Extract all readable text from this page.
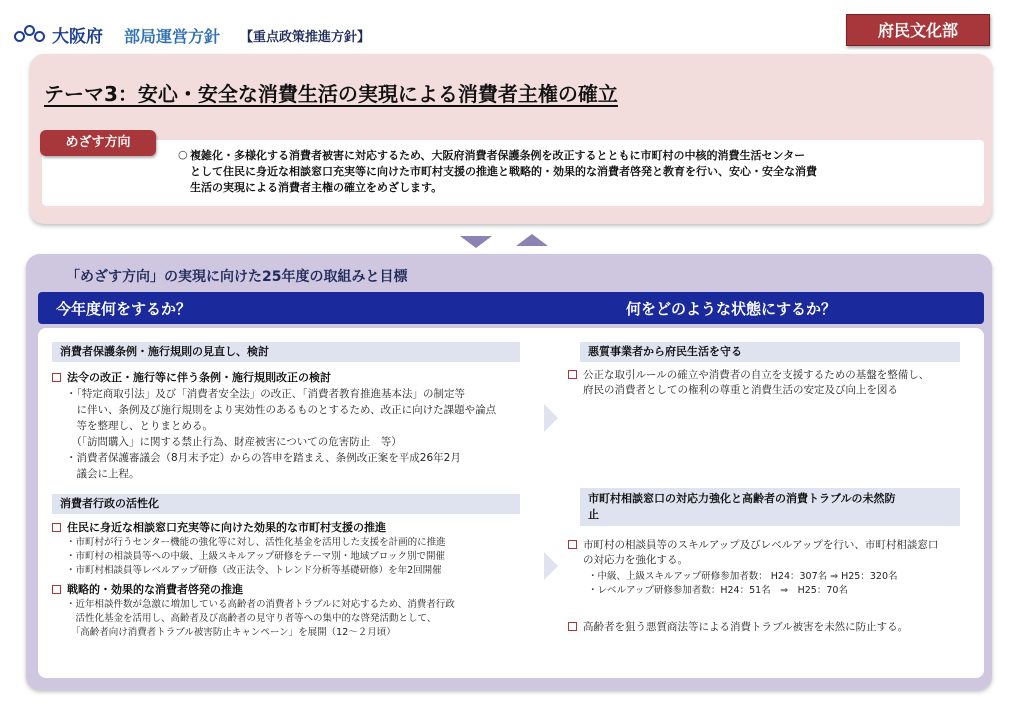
大阪府 部局運営方針 【重点政策推進方針】	府民文化部
テーマ3：安心・安全な消費生活の実現による消費者主権の確立
めざす方向
○ 複雑化・多様化する消費者被害に対応するため、大阪府消費者保護条例を改正するとともに市町村の中核的消費生活センター
として住民に身近な相談窓口充実等に向けた市町村支援の推進と戦略的・効果的な消費者啓発と教育を行い、安心・安全な消費
生活の実現による消費者主権の確立をめざします。
「めざす方向」の実現に向けた25年度の取組みと目標
今年度何をするか？	何をどのような状態にするか？
消費者保護条例・施行規則の見直し、検討
法令の改正・施行等に伴う条例・施行規則改正の検討
・「特定商取引法」及び「消費者安全法」の改正、「消費者教育推進基本法」の制定等
　に伴い、条例及び施行規則をより実効性のあるものとするため、改正に向けた課題や論点
　等を整理し、とりまとめる。
　（「訪問購入」に関する禁止行為、財産被害についての危害防止　等）
・消費者保護審議会（8月末予定）からの答申を踏まえ、条例改正案を平成26年2月
　議会に上程。
消費者行政の活性化
住民に身近な相談窓口充実等に向けた効果的な市町村支援の推進
・市町村が行うセンター機能の強化等に対し、活性化基金を活用した支援を計画的に推進
・市町村の相談員等への中級、上級スキルアップ研修をテーマ別・地域ブロック別で開催
・市町村相談員等レベルアップ研修（改正法令、トレンド分析等基礎研修）を年2回開催
戦略的・効果的な消費者啓発の推進
・近年相談件数が急激に増加している高齢者の消費者トラブルに対応するため、消費者行政
　活性化基金を活用し、高齢者及び高齢者の見守り者等への集中的な啓発活動として、
　「高齢者向け消費者トラブル被害防止キャンペーン」を展開（12～２月頃）
悪質事業者から府民生活を守る
公正な取引ルールの確立や消費者の自立を支援するための基盤を整備し、
府民の消費者としての権利の尊重と消費生活の安定及び向上を図る
市町村相談窓口の対応力強化と高齢者の消費トラブルの未然防
止
市町村の相談員等のスキルアップ及びレベルアップを行い、市町村相談窓口
の対応力を強化する。
・中級、上級スキルアップ研修参加者数： H24：307名 ⇒ H25：320名
・レベルアップ研修参加者数：H24：51名　⇒　H25：70名
高齢者を狙う悪質商法等による消費トラブル被害を未然に防止する。
